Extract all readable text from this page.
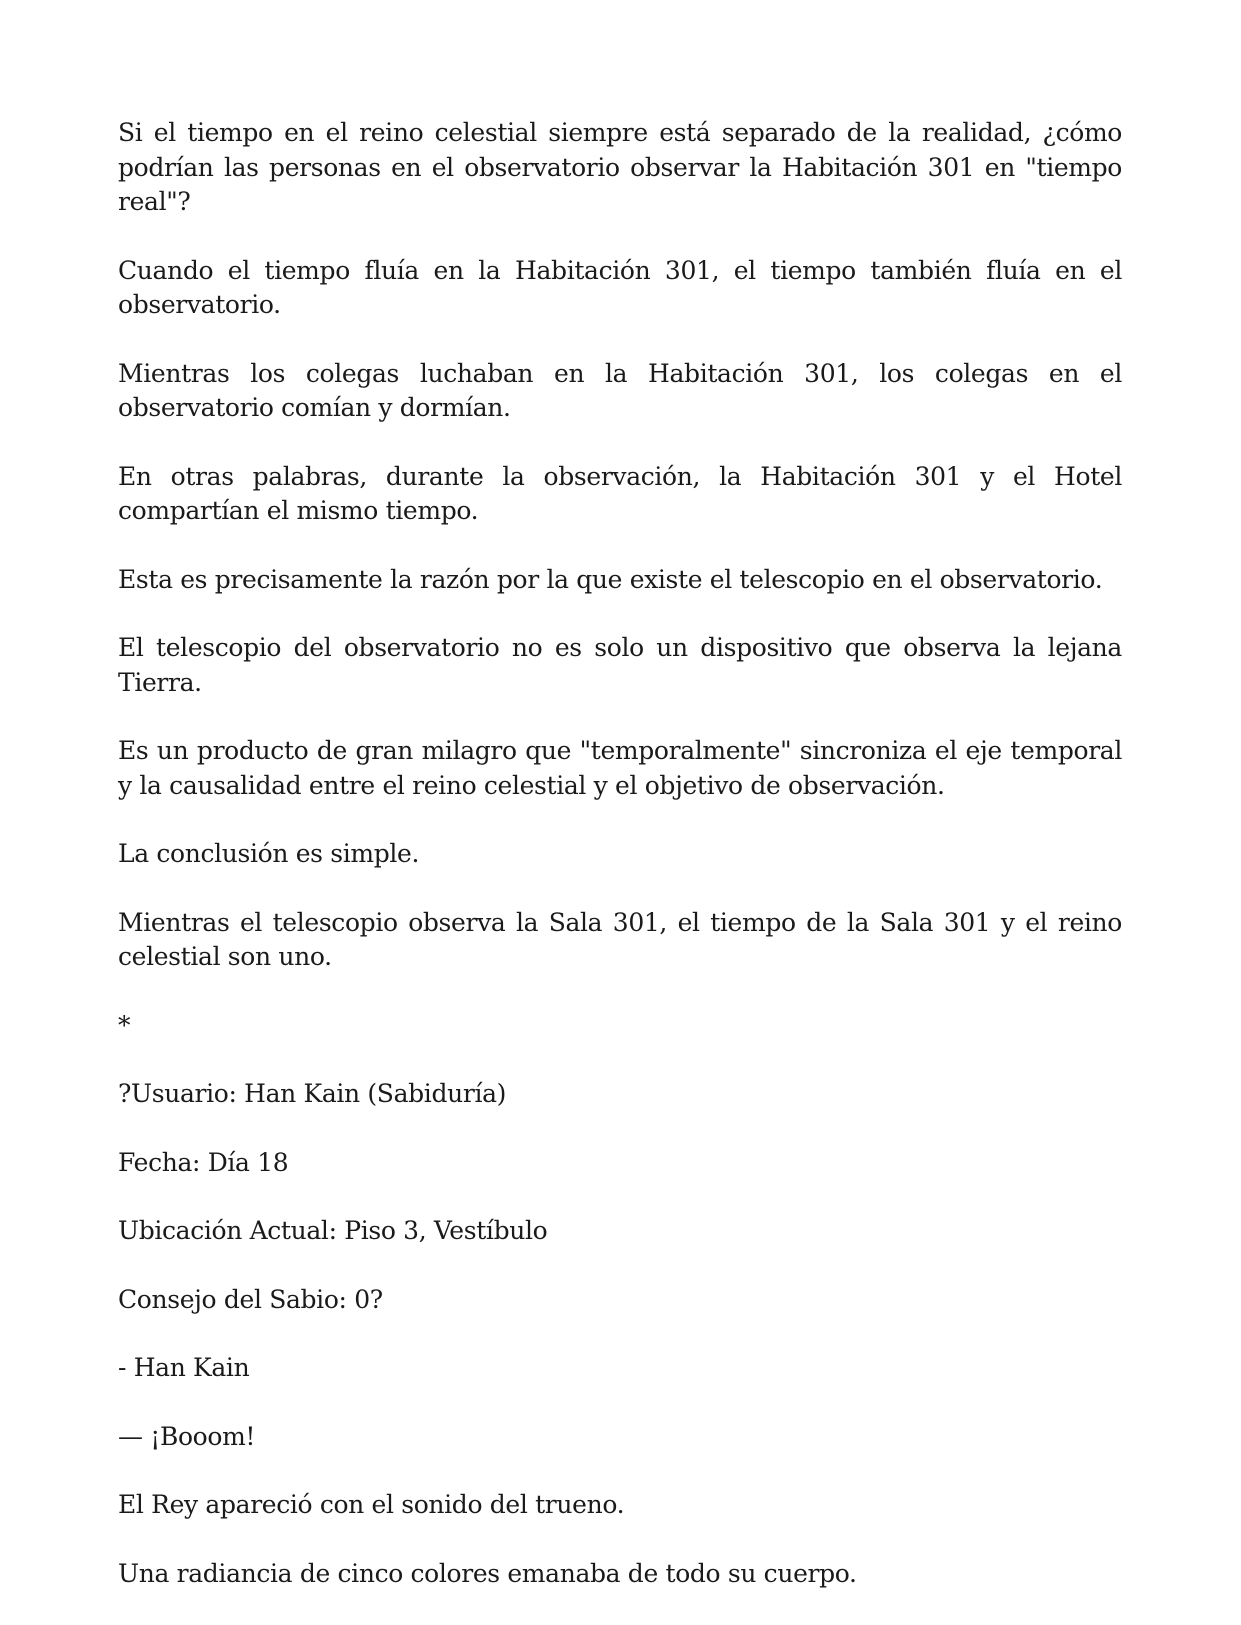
Si el tiempo en el reino celestial siempre está separado de la realidad, ¿cómo podrían las personas en el observatorio observar la Habitación 301 en "tiempo real"?

Cuando el tiempo fluía en la Habitación 301, el tiempo también fluía en el observatorio.

Mientras los colegas luchaban en la Habitación 301, los colegas en el observatorio comían y dormían.

En otras palabras, durante la observación, la Habitación 301 y el Hotel compartían el mismo tiempo.

Esta es precisamente la razón por la que existe el telescopio en el observatorio.

El telescopio del observatorio no es solo un dispositivo que observa la lejana Tierra.

Es un producto de gran milagro que "temporalmente" sincroniza el eje temporal y la causalidad entre el reino celestial y el objetivo de observación.

La conclusión es simple.

Mientras el telescopio observa la Sala 301, el tiempo de la Sala 301 y el reino celestial son uno.

*

?Usuario: Han Kain (Sabiduría)

Fecha: Día 18

Ubicación Actual: Piso 3, Vestíbulo

Consejo del Sabio: 0?

- Han Kain

— ¡Booom!

El Rey apareció con el sonido del trueno.

Una radiancia de cinco colores emanaba de todo su cuerpo.
